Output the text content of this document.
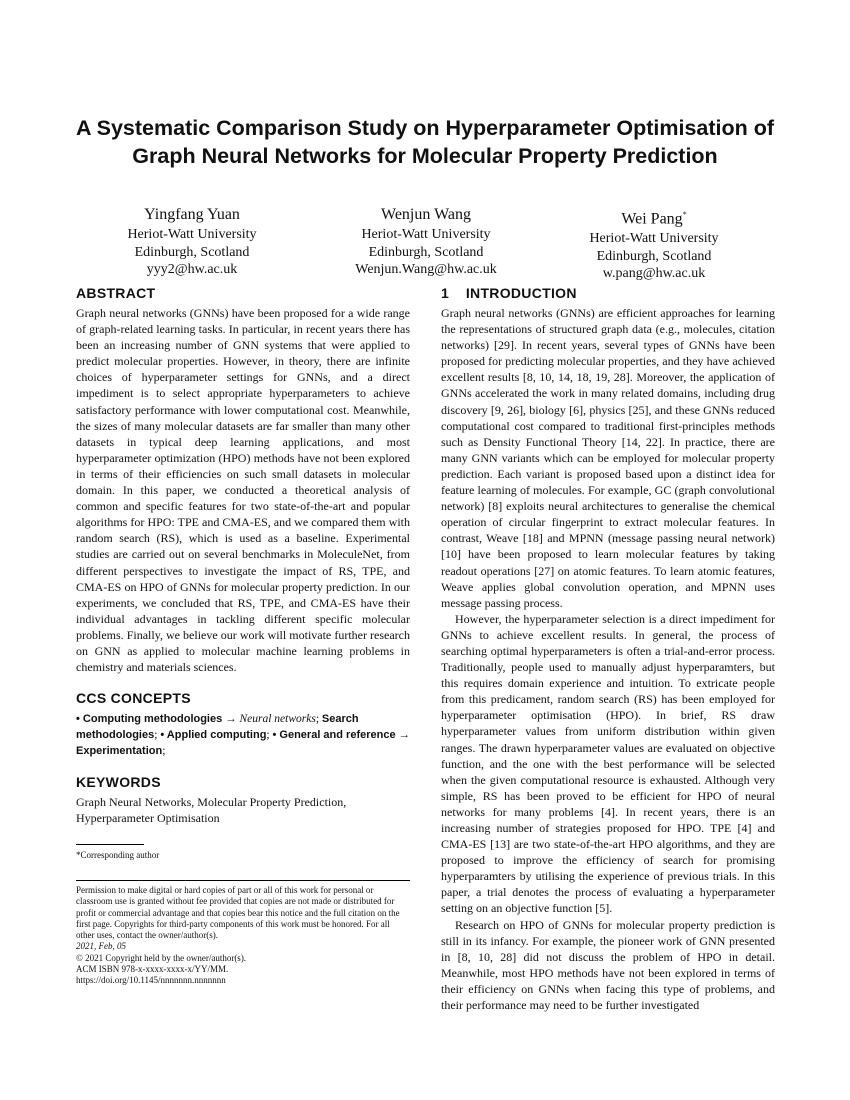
A Systematic Comparison Study on Hyperparameter Optimisation of Graph Neural Networks for Molecular Property Prediction
Yingfang Yuan
Heriot-Watt University
Edinburgh, Scotland
yyy2@hw.ac.uk
Wenjun Wang
Heriot-Watt University
Edinburgh, Scotland
Wenjun.Wang@hw.ac.uk
Wei Pang*
Heriot-Watt University
Edinburgh, Scotland
w.pang@hw.ac.uk
ABSTRACT

Graph neural networks (GNNs) have been proposed for a wide range of graph-related learning tasks. In particular, in recent years there has been an increasing number of GNN systems that were applied to predict molecular properties. However, in theory, there are infinite choices of hyperparameter settings for GNNs, and a direct impediment is to select appropriate hyperparameters to achieve satisfactory performance with lower computational cost. Meanwhile, the sizes of many molecular datasets are far smaller than many other datasets in typical deep learning applications, and most hyperparameter optimization (HPO) methods have not been explored in terms of their efficiencies on such small datasets in molecular domain. In this paper, we conducted a theoretical analysis of common and specific features for two state-of-the-art and popular algorithms for HPO: TPE and CMA-ES, and we compared them with random search (RS), which is used as a baseline. Experimental studies are carried out on several benchmarks in MoleculeNet, from different perspectives to investigate the impact of RS, TPE, and CMA-ES on HPO of GNNs for molecular property prediction. In our experiments, we concluded that RS, TPE, and CMA-ES have their individual advantages in tackling different specific molecular problems. Finally, we believe our work will motivate further research on GNN as applied to molecular machine learning problems in chemistry and materials sciences.

CCS CONCEPTS
• Computing methodologies → Neural networks; Search methodologies; • Applied computing; • General and reference → Experimentation;
KEYWORDS

Graph Neural Networks, Molecular Property Prediction, Hyperparameter Optimisation

*Corresponding author
Permission to make digital or hard copies of part or all of this work for personal or classroom use is granted without fee provided that copies are not made or distributed for profit or commercial advantage and that copies bear this notice and the full citation on the first page. Copyrights for third-party components of this work must be honored. For all other uses, contact the owner/author(s).
2021, Feb, 05
© 2021 Copyright held by the owner/author(s).
ACM ISBN 978-x-xxxx-xxxx-x/YY/MM.
https://doi.org/10.1145/nnnnnnn.nnnnnnn
1    INTRODUCTION

Graph neural networks (GNNs) are efficient approaches for learning the representations of structured graph data (e.g., molecules, citation networks) [29]. In recent years, several types of GNNs have been proposed for predicting molecular properties, and they have achieved excellent results [8, 10, 14, 18, 19, 28]. Moreover, the application of GNNs accelerated the work in many related domains, including drug discovery [9, 26], biology [6], physics [25], and these GNNs reduced computational cost compared to traditional first-principles methods such as Density Functional Theory [14, 22]. In practice, there are many GNN variants which can be employed for molecular property prediction. Each variant is proposed based upon a distinct idea for feature learning of molecules. For example, GC (graph convolutional network) [8] exploits neural architectures to generalise the chemical operation of circular fingerprint to extract molecular features. In contrast, Weave [18] and MPNN (message passing neural network) [10] have been proposed to learn molecular features by taking readout operations [27] on atomic features. To learn atomic features, Weave applies global convolution operation, and MPNN uses message passing process.

However, the hyperparameter selection is a direct impediment for GNNs to achieve excellent results. In general, the process of searching optimal hyperparameters is often a trial-and-error process. Traditionally, people used to manually adjust hyperparamters, but this requires domain experience and intuition. To extricate people from this predicament, random search (RS) has been employed for hyperparameter optimisation (HPO). In brief, RS draw hyperparameter values from uniform distribution within given ranges. The drawn hyperparameter values are evaluated on objective function, and the one with the best performance will be selected when the given computational resource is exhausted. Although very simple, RS has been proved to be efficient for HPO of neural networks for many problems [4]. In recent years, there is an increasing number of strategies proposed for HPO. TPE [4] and CMA-ES [13] are two state-of-the-art HPO algorithms, and they are proposed to improve the efficiency of search for promising hyperparamters by utilising the experience of previous trials. In this paper, a trial denotes the process of evaluating a hyperparameter setting on an objective function [5].

Research on HPO of GNNs for molecular property prediction is still in its infancy. For example, the pioneer work of GNN presented in [8, 10, 28] did not discuss the problem of HPO in detail. Meanwhile, most HPO methods have not been explored in terms of their efficiency on GNNs when facing this type of problems, and their performance may need to be further investigated
